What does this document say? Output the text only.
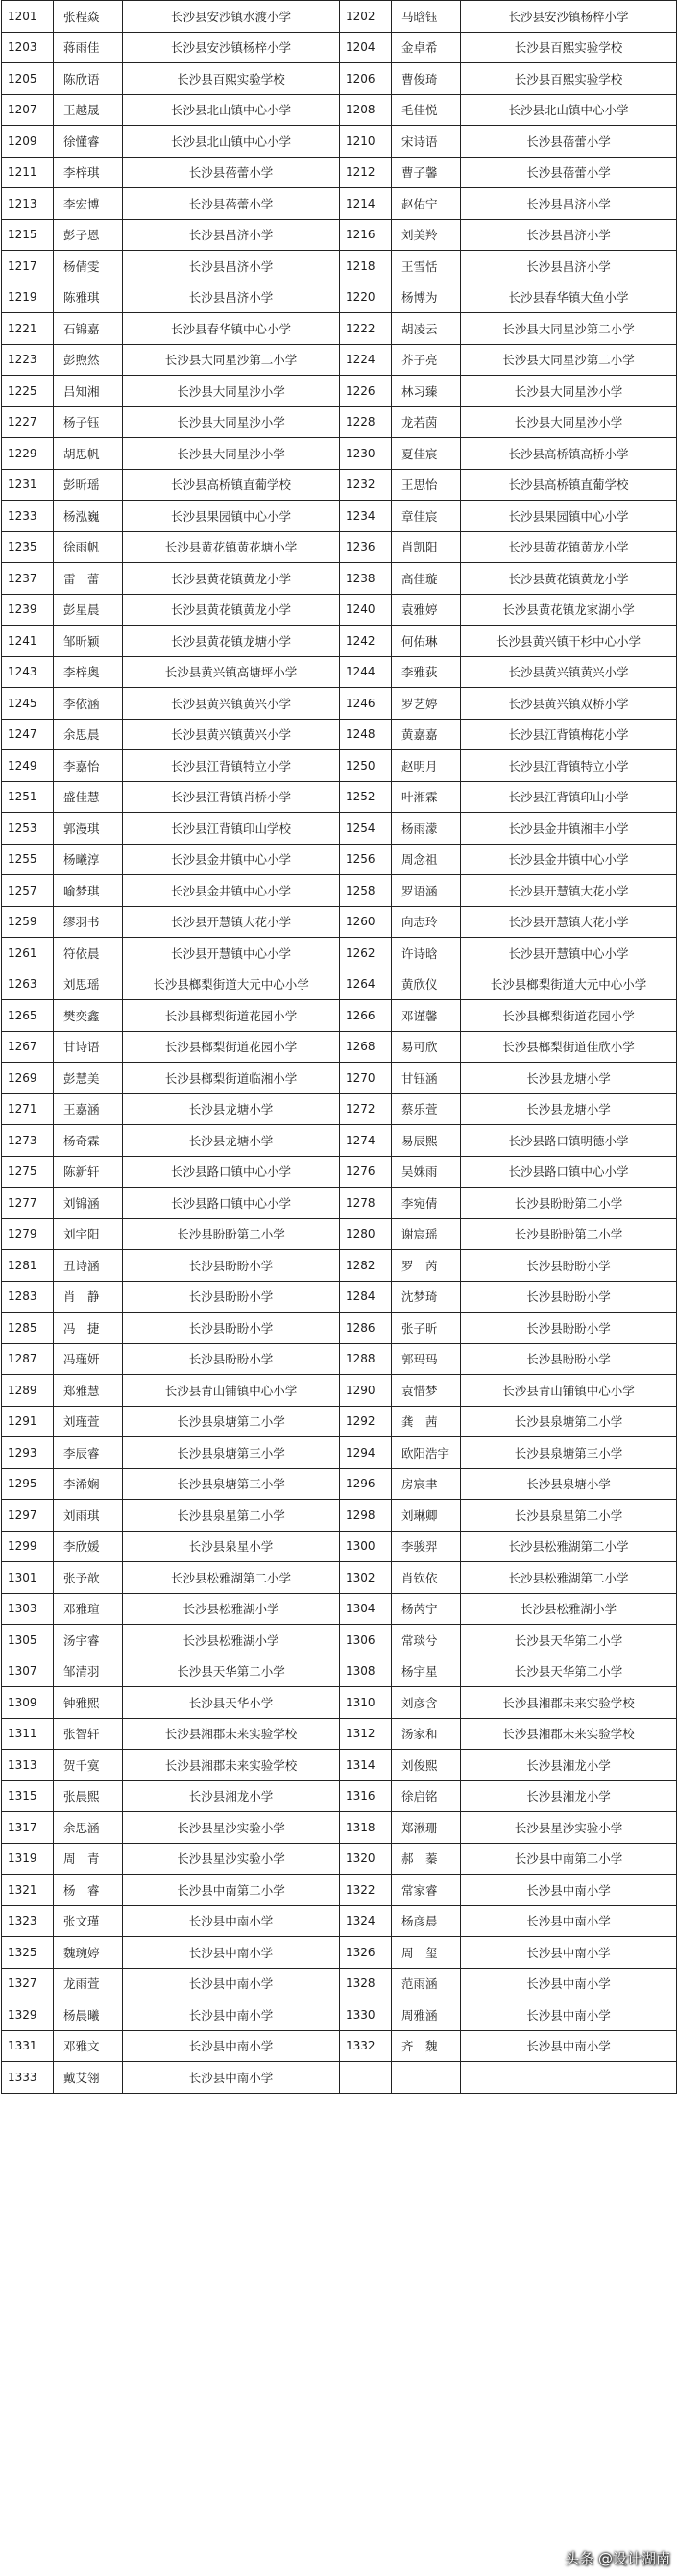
1201	张程焱	长沙县安沙镇水渡小学	1202	马晗钰	长沙县安沙镇杨梓小学
1203	蒋雨佳	长沙县安沙镇杨梓小学	1204	金卓希	长沙县百熙实验学校
1205	陈欣语	长沙县百熙实验学校	1206	曹俊琦	长沙县百熙实验学校
1207	王越晟	长沙县北山镇中心小学	1208	毛佳悦	长沙县北山镇中心小学
1209	徐懂睿	长沙县北山镇中心小学	1210	宋诗语	长沙县蓓蕾小学
1211	李梓琪	长沙县蓓蕾小学	1212	曹子馨	长沙县蓓蕾小学
1213	李宏博	长沙县蓓蕾小学	1214	赵佑宁	长沙县昌济小学
1215	彭子恩	长沙县昌济小学	1216	刘美羚	长沙县昌济小学
1217	杨倩雯	长沙县昌济小学	1218	王雪恬	长沙县昌济小学
1219	陈雅琪	长沙县昌济小学	1220	杨博为	长沙县春华镇大鱼小学
1221	石锦嘉	长沙县春华镇中心小学	1222	胡凌云	长沙县大同星沙第二小学
1223	彭煦然	长沙县大同星沙第二小学	1224	芥子亮	长沙县大同星沙第二小学
1225	吕知湘	长沙县大同星沙小学	1226	林习臻	长沙县大同星沙小学
1227	杨子钰	长沙县大同星沙小学	1228	龙若茵	长沙县大同星沙小学
1229	胡思帆	长沙县大同星沙小学	1230	夏佳宸	长沙县高桥镇高桥小学
1231	彭昕瑶	长沙县高桥镇直葡学校	1232	王思怡	长沙县高桥镇直葡学校
1233	杨泓巍	长沙县果园镇中心小学	1234	章佳宸	长沙县果园镇中心小学
1235	徐雨帆	长沙县黄花镇黄花塘小学	1236	肖凯阳	长沙县黄花镇黄龙小学
1237	雷　蕾	长沙县黄花镇黄龙小学	1238	高佳璇	长沙县黄花镇黄龙小学
1239	彭星晨	长沙县黄花镇黄龙小学	1240	袁雅婷	长沙县黄花镇龙家湖小学
1241	邹昕颖	长沙县黄花镇龙塘小学	1242	何佑琳	长沙县黄兴镇干杉中心小学
1243	李梓奥	长沙县黄兴镇高塘坪小学	1244	李雅荻	长沙县黄兴镇黄兴小学
1245	李依涵	长沙县黄兴镇黄兴小学	1246	罗艺婷	长沙县黄兴镇双桥小学
1247	余思晨	长沙县黄兴镇黄兴小学	1248	黄嘉嘉	长沙县江背镇梅花小学
1249	李嘉怡	长沙县江背镇特立小学	1250	赵明月	长沙县江背镇特立小学
1251	盛佳慧	长沙县江背镇肖桥小学	1252	叶湘霖	长沙县江背镇印山小学
1253	郭漫琪	长沙县江背镇印山学校	1254	杨雨濛	长沙县金井镇湘丰小学
1255	杨曦淳	长沙县金井镇中心小学	1256	周念祖	长沙县金井镇中心小学
1257	喻梦琪	长沙县金井镇中心小学	1258	罗语涵	长沙县开慧镇大花小学
1259	缪羽书	长沙县开慧镇大花小学	1260	向志玲	长沙县开慧镇大花小学
1261	符依晨	长沙县开慧镇中心小学	1262	许诗晗	长沙县开慧镇中心小学
1263	刘思瑶	长沙县榔梨街道大元中心小学	1264	黄欣仪	长沙县榔梨街道大元中心小学
1265	樊奕鑫	长沙县榔梨街道花园小学	1266	邓谨馨	长沙县榔梨街道花园小学
1267	甘诗语	长沙县榔梨街道花园小学	1268	易可欣	长沙县榔梨街道佳欣小学
1269	彭慧美	长沙县榔梨街道临湘小学	1270	甘钰涵	长沙县龙塘小学
1271	王嘉涵	长沙县龙塘小学	1272	蔡乐萱	长沙县龙塘小学
1273	杨奇霖	长沙县龙塘小学	1274	易辰熙	长沙县路口镇明德小学
1275	陈新轩	长沙县路口镇中心小学	1276	吴姝雨	长沙县路口镇中心小学
1277	刘锦涵	长沙县路口镇中心小学	1278	李宛倩	长沙县盼盼第二小学
1279	刘宇阳	长沙县盼盼第二小学	1280	谢宸瑶	长沙县盼盼第二小学
1281	丑诗涵	长沙县盼盼小学	1282	罗　芮	长沙县盼盼小学
1283	肖　静	长沙县盼盼小学	1284	沈梦琦	长沙县盼盼小学
1285	冯　捷	长沙县盼盼小学	1286	张子昕	长沙县盼盼小学
1287	冯瑾妍	长沙县盼盼小学	1288	郭玛玛	长沙县盼盼小学
1289	郑雅慧	长沙县青山铺镇中心小学	1290	袁惜梦	长沙县青山铺镇中心小学
1291	刘瑾萱	长沙县泉塘第二小学	1292	龚　茜	长沙县泉塘第二小学
1293	李辰睿	长沙县泉塘第三小学	1294	欧阳浩宇	长沙县泉塘第三小学
1295	李浠娴	长沙县泉塘第三小学	1296	房宸聿	长沙县泉塘小学
1297	刘雨琪	长沙县泉星第二小学	1298	刘琳卿	长沙县泉星第二小学
1299	李欣媛	长沙县泉星小学	1300	李骏羿	长沙县松雅湖第二小学
1301	张予歆	长沙县松雅湖第二小学	1302	肖钦依	长沙县松雅湖第二小学
1303	邓雅瑄	长沙县松雅湖小学	1304	杨芮宁	长沙县松雅湖小学
1305	汤宇睿	长沙县松雅湖小学	1306	常琰兮	长沙县天华第二小学
1307	邹清羽	长沙县天华第二小学	1308	杨宇星	长沙县天华第二小学
1309	钟雅熙	长沙县天华小学	1310	刘彦含	长沙县湘郡未来实验学校
1311	张智轩	长沙县湘郡未来实验学校	1312	汤家和	长沙县湘郡未来实验学校
1313	贺千寞	长沙县湘郡未来实验学校	1314	刘俊熙	长沙县湘龙小学
1315	张晨熙	长沙县湘龙小学	1316	徐启铭	长沙县湘龙小学
1317	余思涵	长沙县星沙实验小学	1318	郑湫珊	长沙县星沙实验小学
1319	周　青	长沙县星沙实验小学	1320	郝　蓁	长沙县中南第二小学
1321	杨　睿	长沙县中南第二小学	1322	常家睿	长沙县中南小学
1323	张文瑾	长沙县中南小学	1324	杨彦晨	长沙县中南小学
1325	魏琬婷	长沙县中南小学	1326	周　玺	长沙县中南小学
1327	龙雨萱	长沙县中南小学	1328	范雨涵	长沙县中南小学
1329	杨晨曦	长沙县中南小学	1330	周雅涵	长沙县中南小学
1331	邓雅文	长沙县中南小学	1332	齐　魏	长沙县中南小学
1333	戴艾翎	长沙县中南小学			
头条 @设计湖南
